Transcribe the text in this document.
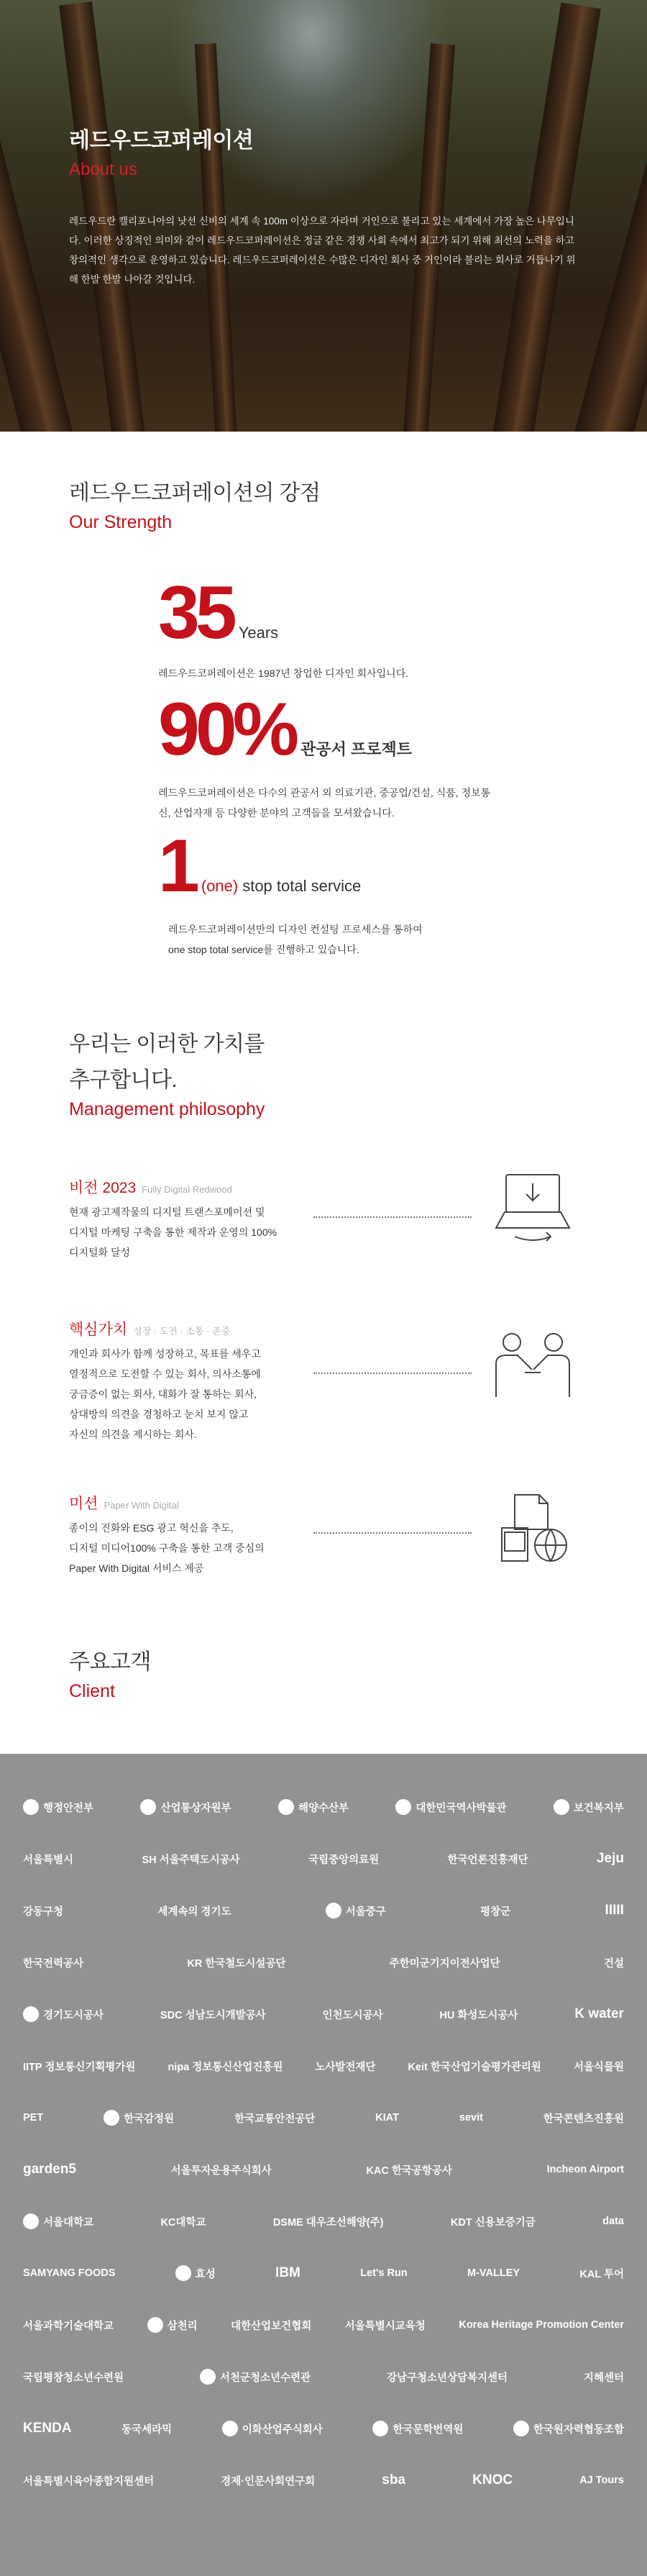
레드우드코퍼레이션
About us

레드우드란 캘리포니아의 낫선 신비의 세계 속 100m 이상으로 자라며 거인으로 불리고 있는 세계에서 가장 높은 나무입니다. 이러한 상징적인 의미와 같이 레드우드코퍼레이션은 정글 같은 경쟁 사회 속에서 최고가 되기 위해 최선의 노력을 하고 창의적인 생각으로 운영하고 있습니다. 레드우드코퍼레이션은 수많은 디자인 회사 중 거인이라 불리는 회사로 거듭나기 위해 한발 한발 나아갈 것입니다.

레드우드코퍼레이션의 강점
Our Strength
35 Years
레드우드코퍼레이션은 1987년 창업한 디자인 회사입니다.
90% 관공서 프로젝트
레드우드코퍼레이션은 다수의 관공서 외 의료기관, 중공업/건설, 식품, 정보통신, 산업자재 등 다양한 분야의 고객들을 모셔왔습니다.
1 (one) stop total service
레드우드코퍼레이션만의 디자인 컨설팅 프로세스를 통하여
one stop total service를 진행하고 있습니다.
우리는 이러한 가치를
추구합니다.
Management philosophy
비전 2023 Fully Digital Redwood
현재 광고제작물의 디지털 트랜스포메이션 및
디지털 마케팅 구축을 통한 제작과 운영의 100%
디지털화 달성
핵심가치 성장 · 도전 · 소통 · 존중
개인과 회사가 함께 성장하고, 목표를 세우고
열정적으로 도전할 수 있는 회사, 의사소통에
궁금증이 없는 회사, 대화가 잘 통하는 회사,
상대방의 의견을 경청하고 눈치 보지 않고
자신의 의견을 제시하는 회사.
미션 Paper With Digital
종이의 진화와 ESG 광고 혁신을 추도,
디지털 미디어100% 구축을 통한 고객 중심의
Paper With Digital 서비스 제공
주요고객
Client
행정안전부	산업통상자원부	해양수산부	대한민국역사박물관	보건복지부
서울특별시	SH 서울주택도시공사	국립중앙의료원	한국언론진흥재단	Jeju
강동구청	세계속의 경기도	서울중구	평창군	IIIII
한국전력공사	KR 한국철도시설공단	주한미군기지이전사업단	건설
경기도시공사	SDC 성남도시개발공사	인천도시공사	HU 화성도시공사	K water
IITP 정보통신기획평가원	nipa 정보통신산업진흥원	노사발전재단	Keit 한국산업기술평가관리원	서울식물원
PET	한국감정원	한국교통안전공단	KIAT	sevit	한국콘텐츠진흥원
garden5	서울투자운용주식회사	KAC 한국공항공사	Incheon Airport
서울대학교	KC대학교	DSME 대우조선해양(주)	KDT 신용보증기금	data
SAMYANG FOODS	효성	IBM	Let's Run	M-VALLEY	KAL 투어
서울과학기술대학교	삼천리	대한산업보건협회	서울특별시교육청	Korea Heritage Promotion Center
국립평창청소년수련원	서천군청소년수련관	강남구청소년상담복지센터	지혜센터
KENDA	동국세라믹	이화산업주식회사	한국문학번역원	한국원자력협동조합
서울특별시육아종합지원센터	경제·인문사회연구회	sba	KNOC	AJ Tours
